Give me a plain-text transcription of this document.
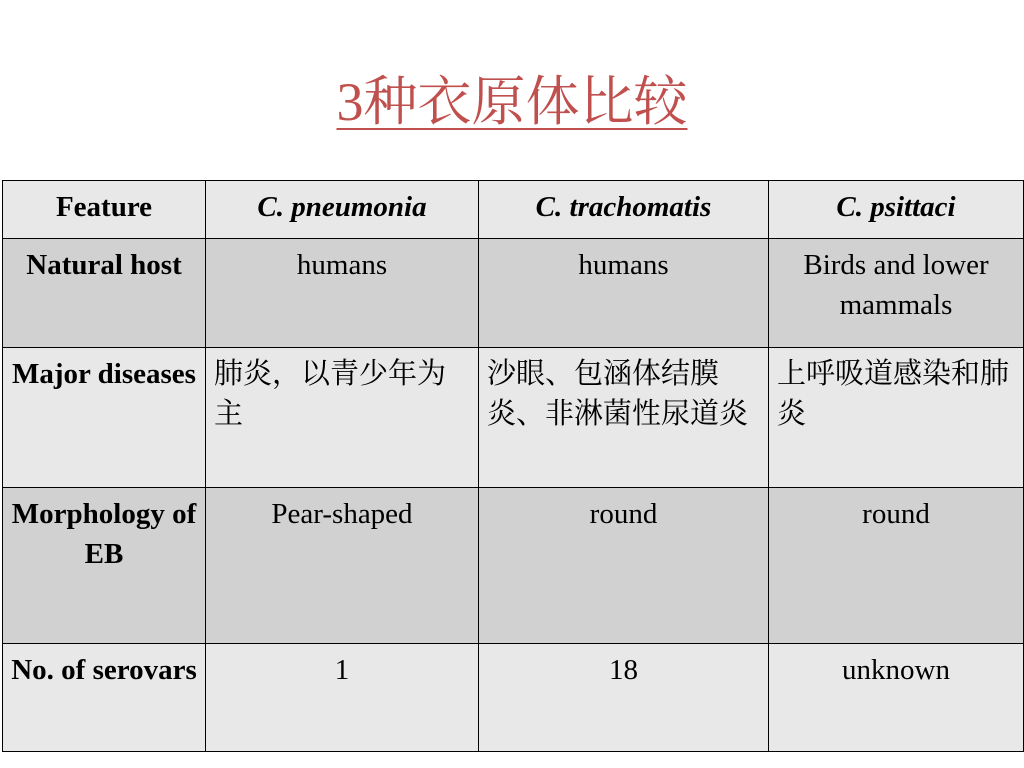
3种衣原体比较
Feature	C. pneumonia	C. trachomatis	C. psittaci
Natural host	humans	humans	Birds and lower mammals
Major diseases	肺炎，以青少年为主	沙眼、包涵体结膜炎、非淋菌性尿道炎	上呼吸道感染和肺炎
Morphology of EB	Pear-shaped	round	round
No. of serovars	1	18	unknown
